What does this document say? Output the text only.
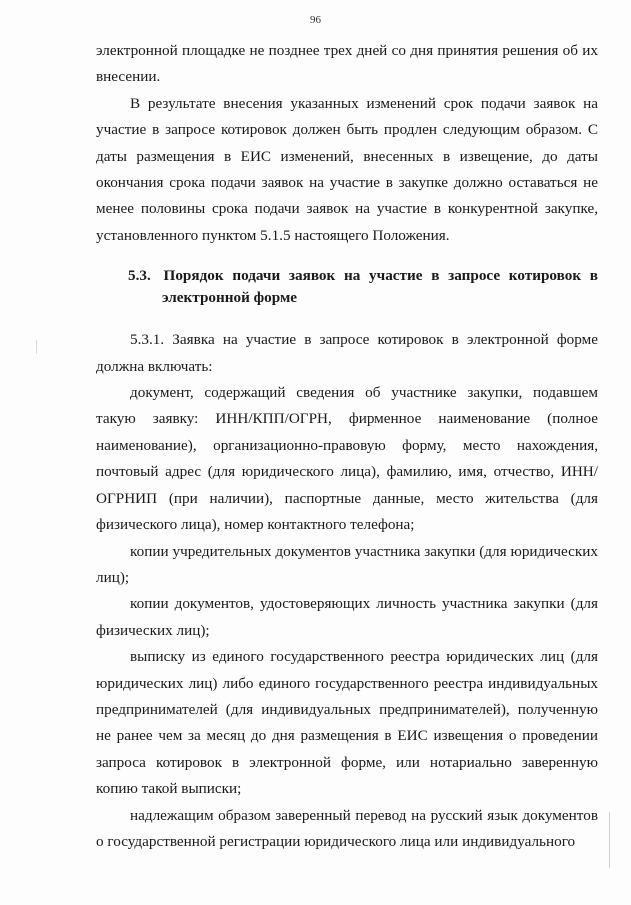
96

электронной площадке не позднее трех дней со дня принятия решения об их внесении.

В результате внесения указанных изменений срок подачи заявок на участие в запросе котировок должен быть продлен следующим образом. С даты размещения в ЕИС изменений, внесенных в извещение, до даты окончания срока подачи заявок на участие в закупке должно оставаться не менее половины срока подачи заявок на участие в конкурентной закупке, установленного пунктом 5.1.5 настоящего Положения.

5.3. Порядок подачи заявок на участие в запросе котировок в электронной форме

5.3.1. Заявка на участие в запросе котировок в электронной форме должна включать:

документ, содержащий сведения об участнике закупки, подавшем такую заявку: ИНН/КПП/ОГРН, фирменное наименование (полное наименование), организационно-правовую форму, место нахождения, почтовый адрес (для юридического лица), фамилию, имя, отчество, ИНН/ОГРНИП (при наличии), паспортные данные, место жительства (для физического лица), номер контактного телефона;

копии учредительных документов участника закупки (для юридических лиц);

копии документов, удостоверяющих личность участника закупки (для физических лиц);

выписку из единого государственного реестра юридических лиц (для юридических лиц) либо единого государственного реестра индивидуальных предпринимателей (для индивидуальных предпринимателей), полученную не ранее чем за месяц до дня размещения в ЕИС извещения о проведении запроса котировок в электронной форме, или нотариально заверенную копию такой выписки;

надлежащим образом заверенный перевод на русский язык документов о государственной регистрации юридического лица или индивидуального
